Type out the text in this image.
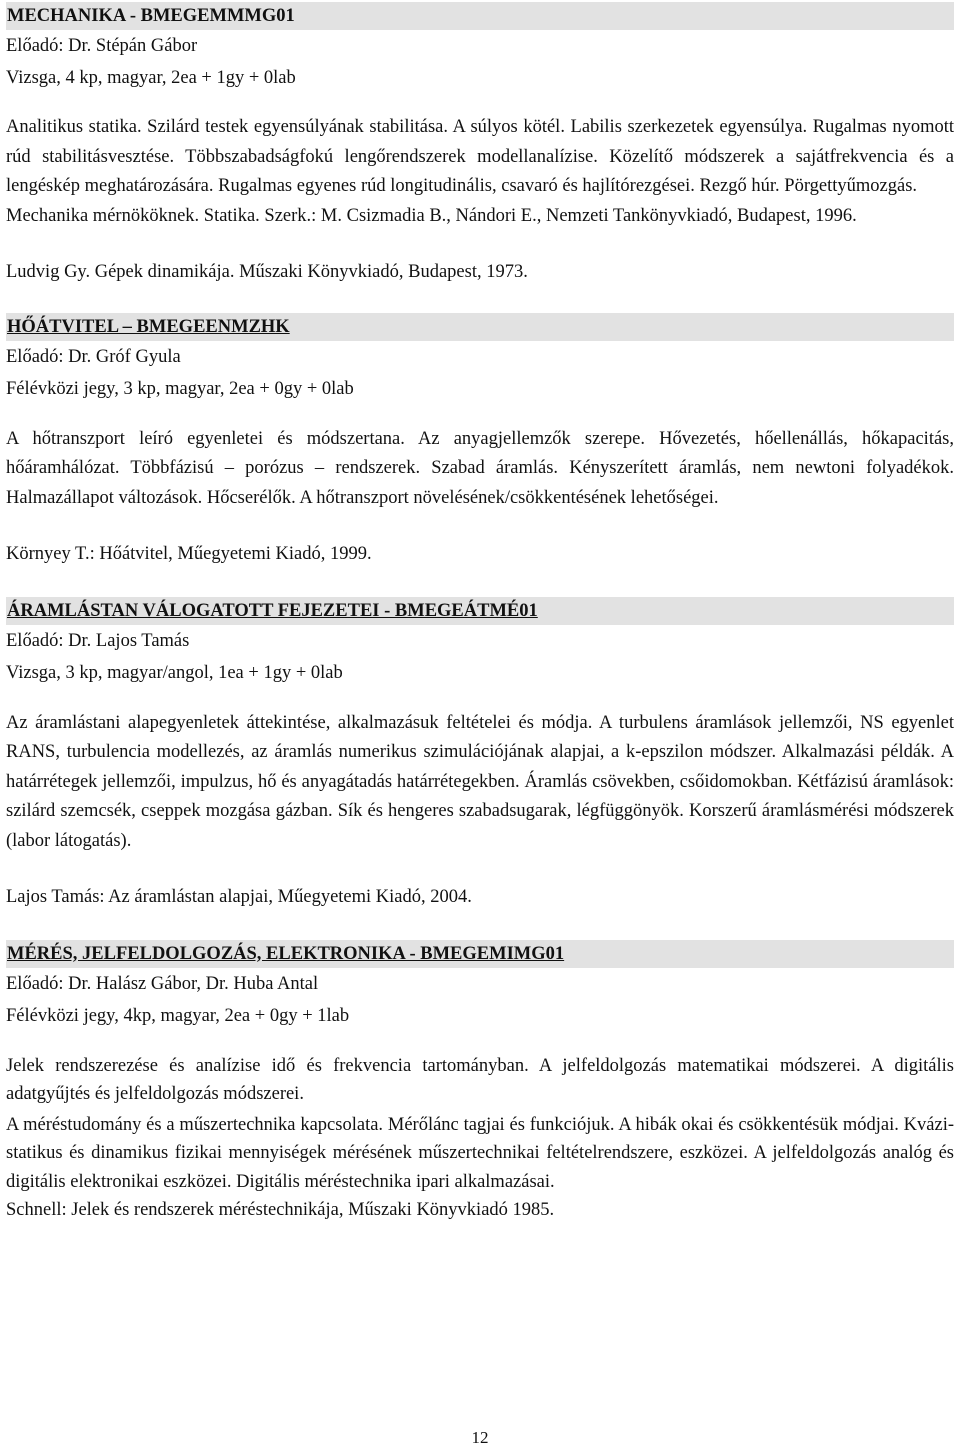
MECHANIKA - BMEGEMMMG01
Előadó: Dr. Stépán Gábor
Vizsga, 4 kp, magyar, 2ea + 1gy + 0lab

Analitikus statika. Szilárd testek egyensúlyának stabilitása. A súlyos kötél. Labilis szerkezetek egyensúlya. Rugalmas nyomott rúd stabilitásvesztése. Többszabadságfokú lengőrendszerek modellanalízise. Közelítő módszerek a sajátfrekvencia és a lengéskép meghatározására. Rugalmas egyenes rúd longitudinális, csavaró és hajlítórezgései. Rezgő húr. Pörgettyűmozgás.

Mechanika mérnököknek. Statika. Szerk.: M. Csizmadia B., Nándori E., Nemzeti Tankönyvkiadó, Budapest, 1996.

Ludvig Gy. Gépek dinamikája. Műszaki Könyvkiadó, Budapest, 1973.

HŐÁTVITEL – BMEGEENMZHK
Előadó: Dr. Gróf Gyula
Félévközi jegy, 3 kp, magyar, 2ea + 0gy + 0lab

A hőtranszport leíró egyenletei és módszertana. Az anyagjellemzők szerepe. Hővezetés, hőellenállás, hőkapacitás, hőáramhálózat. Többfázisú – porózus – rendszerek. Szabad áramlás. Kényszerített áramlás, nem newtoni folyadékok. Halmazállapot változások. Hőcserélők. A hőtranszport növelésének/csökkentésének lehetőségei.

Környey T.: Hőátvitel, Műegyetemi Kiadó, 1999.

ÁRAMLÁSTAN VÁLOGATOTT FEJEZETEI - BMEGEÁTMÉ01
Előadó: Dr. Lajos Tamás
Vizsga, 3 kp, magyar/angol, 1ea + 1gy + 0lab

Az áramlástani alapegyenletek áttekintése, alkalmazásuk feltételei és módja. A turbulens áramlások jellemzői, NS egyenlet RANS, turbulencia modellezés, az áramlás numerikus szimulációjának alapjai, a k-epszilon módszer. Alkalmazási példák. A határrétegek jellemzői, impulzus, hő és anyagátadás határrétegekben. Áramlás csövekben, csőidomokban. Kétfázisú áramlások: szilárd szemcsék, cseppek mozgása gázban. Sík és hengeres szabadsugarak, légfüggönyök. Korszerű áramlásmérési módszerek (labor látogatás).

Lajos Tamás: Az áramlástan alapjai, Műegyetemi Kiadó, 2004.

MÉRÉS, JELFELDOLGOZÁS, ELEKTRONIKA - BMEGEMIMG01
Előadó: Dr. Halász Gábor, Dr. Huba Antal
Félévközi jegy, 4kp, magyar, 2ea + 0gy + 1lab

Jelek rendszerezése és analízise idő és frekvencia tartományban. A jelfeldolgozás matematikai módszerei. A digitális adatgyűjtés és jelfeldolgozás módszerei.

A méréstudomány és a műszertechnika kapcsolata. Mérőlánc tagjai és funkciójuk. A hibák okai és csökkentésük módjai. Kvázi-statikus és dinamikus fizikai mennyiségek mérésének műszertechnikai feltételrendszere, eszközei. A jelfeldolgozás analóg és digitális elektronikai eszközei. Digitális méréstechnika ipari alkalmazásai.

Schnell: Jelek és rendszerek méréstechnikája, Műszaki Könyvkiadó 1985.

12
